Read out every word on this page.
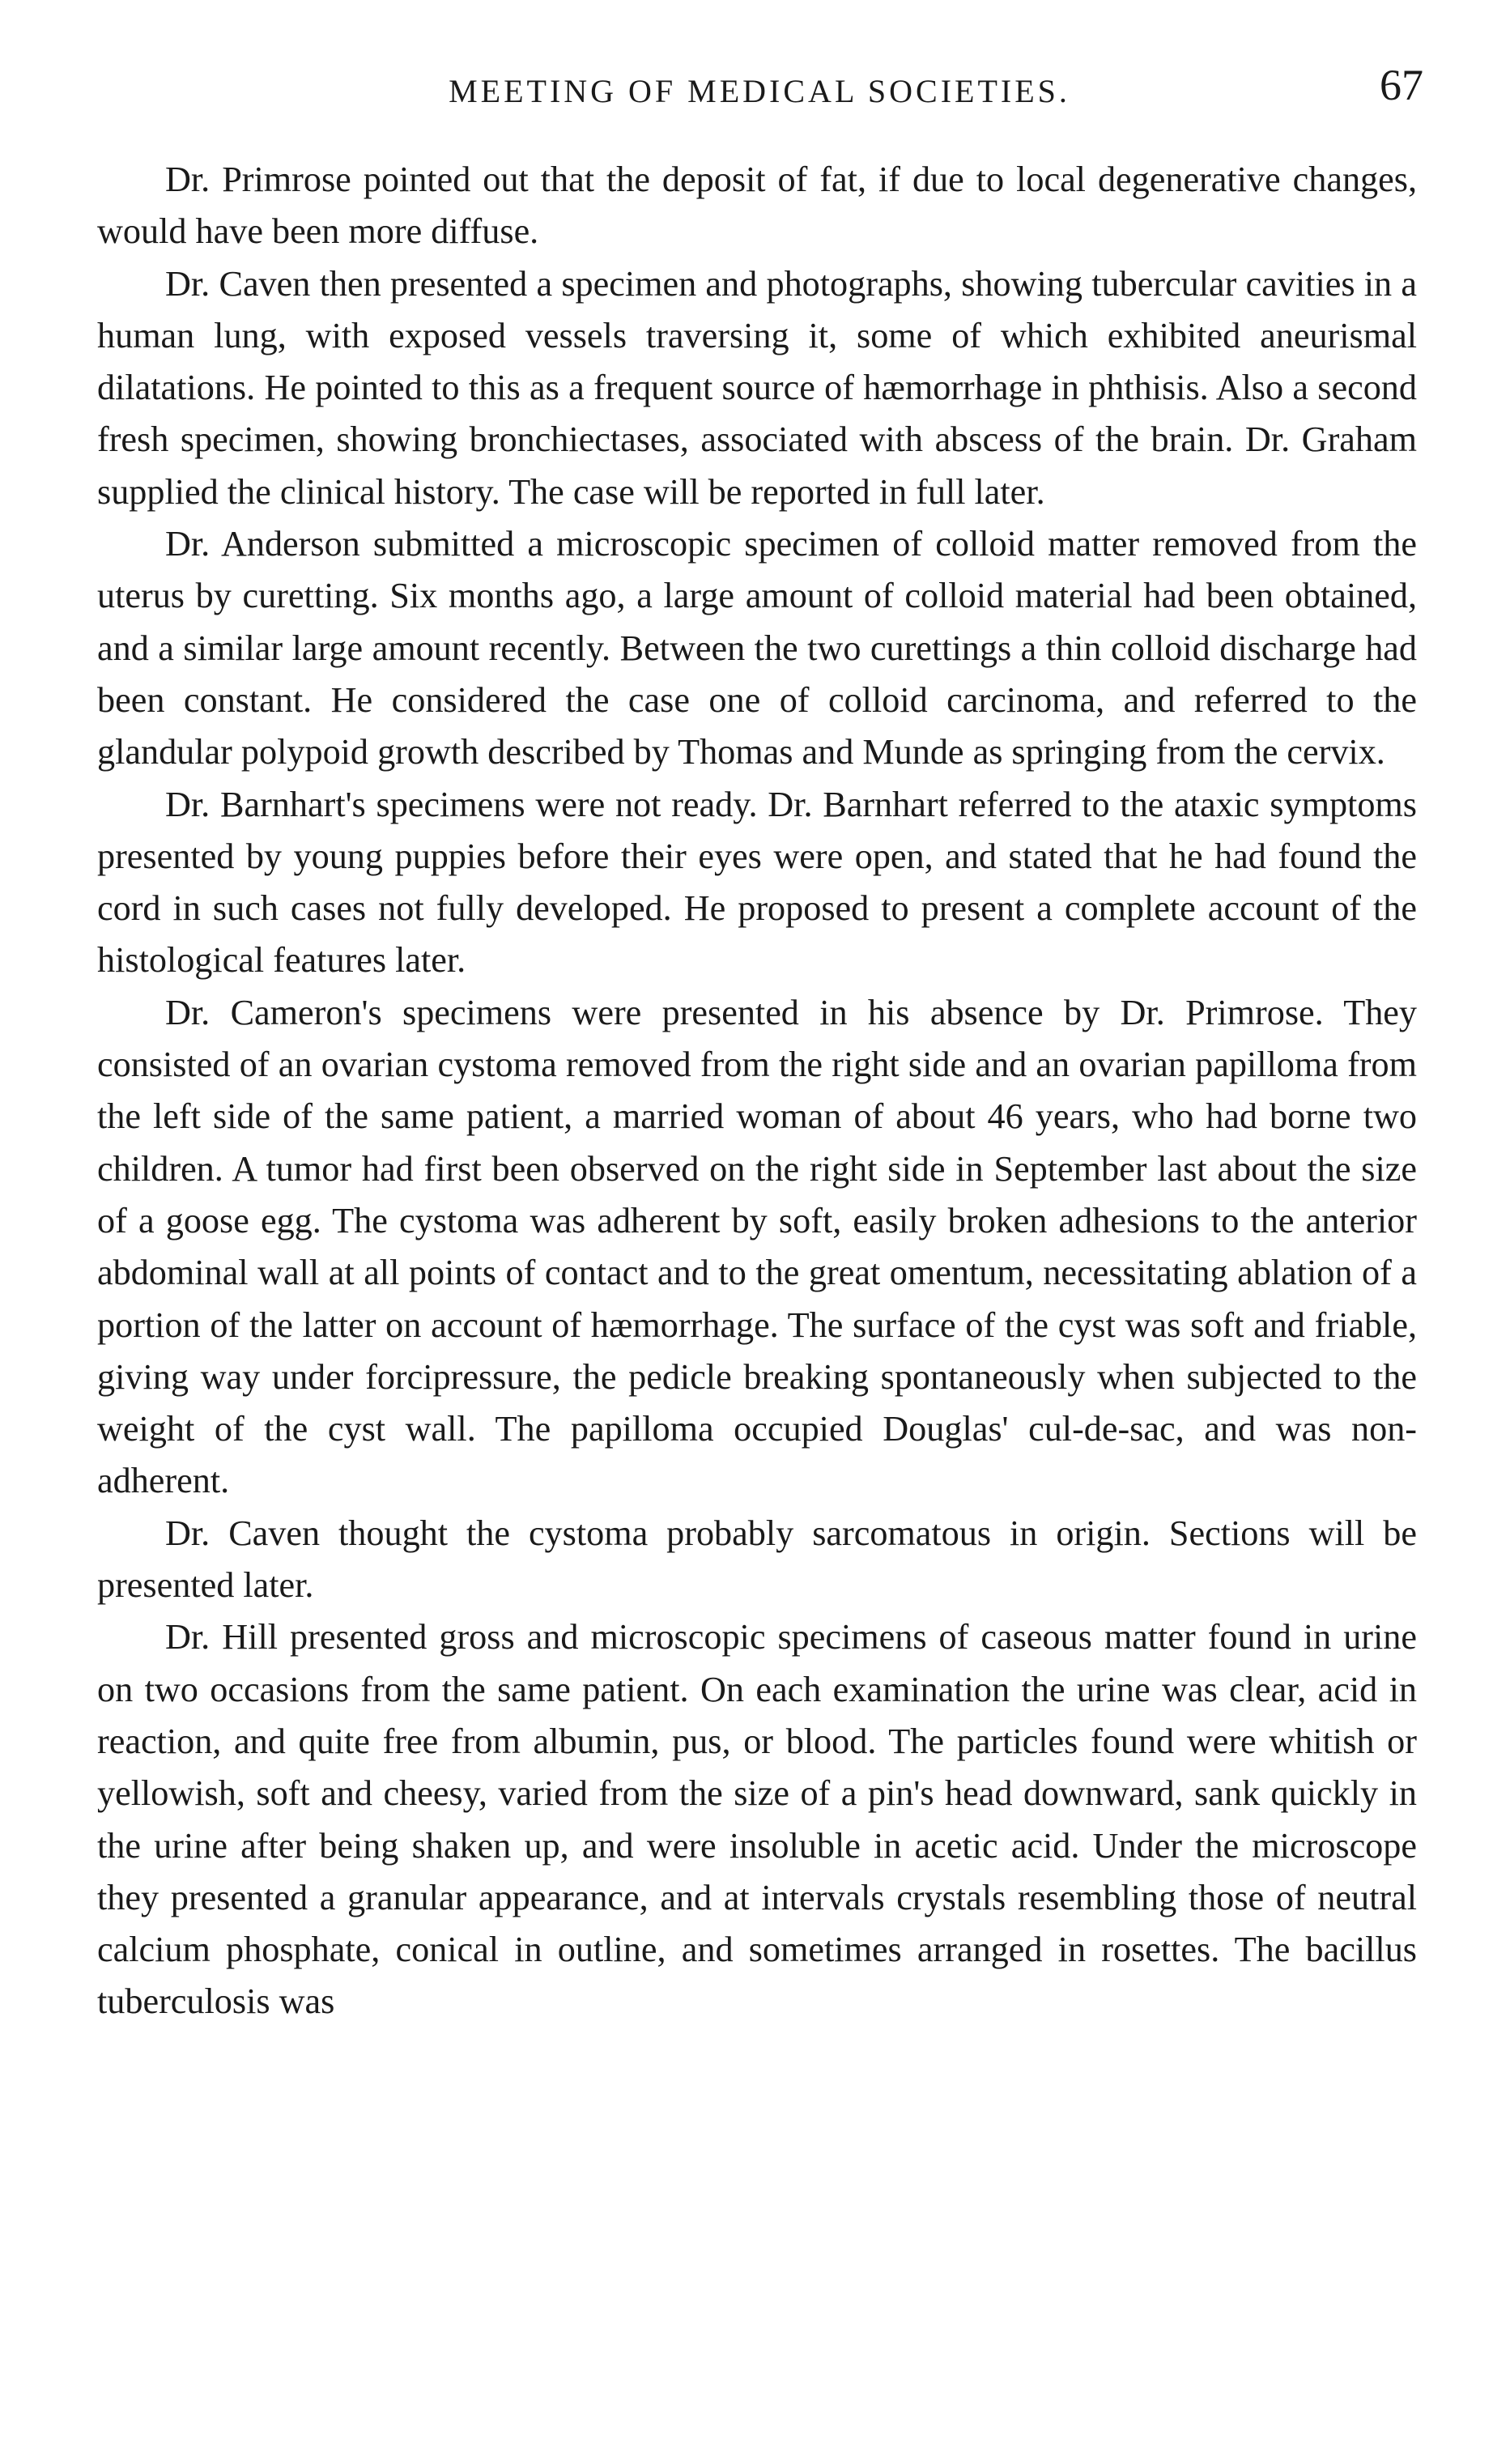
MEETING OF MEDICAL SOCIETIES.	67

Dr. Primrose pointed out that the deposit of fat, if due to local degenerative changes, would have been more diffuse.

Dr. Caven then presented a specimen and photographs, showing tubercular cavities in a human lung, with exposed vessels traversing it, some of which exhibited aneurismal dilatations. He pointed to this as a frequent source of hæmorrhage in phthisis. Also a second fresh specimen, showing bronchiectases, associated with abscess of the brain. Dr. Graham supplied the clinical history. The case will be reported in full later.

Dr. Anderson submitted a microscopic specimen of colloid matter removed from the uterus by curetting. Six months ago, a large amount of colloid material had been obtained, and a similar large amount recently. Between the two curettings a thin colloid discharge had been constant. He considered the case one of colloid carcinoma, and referred to the glandular polypoid growth described by Thomas and Munde as springing from the cervix.

Dr. Barnhart's specimens were not ready. Dr. Barnhart referred to the ataxic symptoms presented by young puppies before their eyes were open, and stated that he had found the cord in such cases not fully developed. He proposed to present a complete account of the histological features later.

Dr. Cameron's specimens were presented in his absence by Dr. Primrose. They consisted of an ovarian cystoma removed from the right side and an ovarian papilloma from the left side of the same patient, a married woman of about 46 years, who had borne two children. A tumor had first been observed on the right side in September last about the size of a goose egg. The cystoma was adherent by soft, easily broken adhesions to the anterior abdominal wall at all points of contact and to the great omentum, necessitating ablation of a portion of the latter on account of hæmorrhage. The surface of the cyst was soft and friable, giving way under forcipressure, the pedicle breaking spontaneously when subjected to the weight of the cyst wall. The papilloma occupied Douglas' cul-de-sac, and was non-adherent.

Dr. Caven thought the cystoma probably sarcomatous in origin. Sections will be presented later.

Dr. Hill presented gross and microscopic specimens of caseous matter found in urine on two occasions from the same patient. On each examination the urine was clear, acid in reaction, and quite free from albumin, pus, or blood. The particles found were whitish or yellowish, soft and cheesy, varied from the size of a pin's head downward, sank quickly in the urine after being shaken up, and were insoluble in acetic acid. Under the microscope they presented a granular appearance, and at intervals crystals resembling those of neutral calcium phosphate, conical in outline, and sometimes arranged in rosettes. The bacillus tuberculosis was
